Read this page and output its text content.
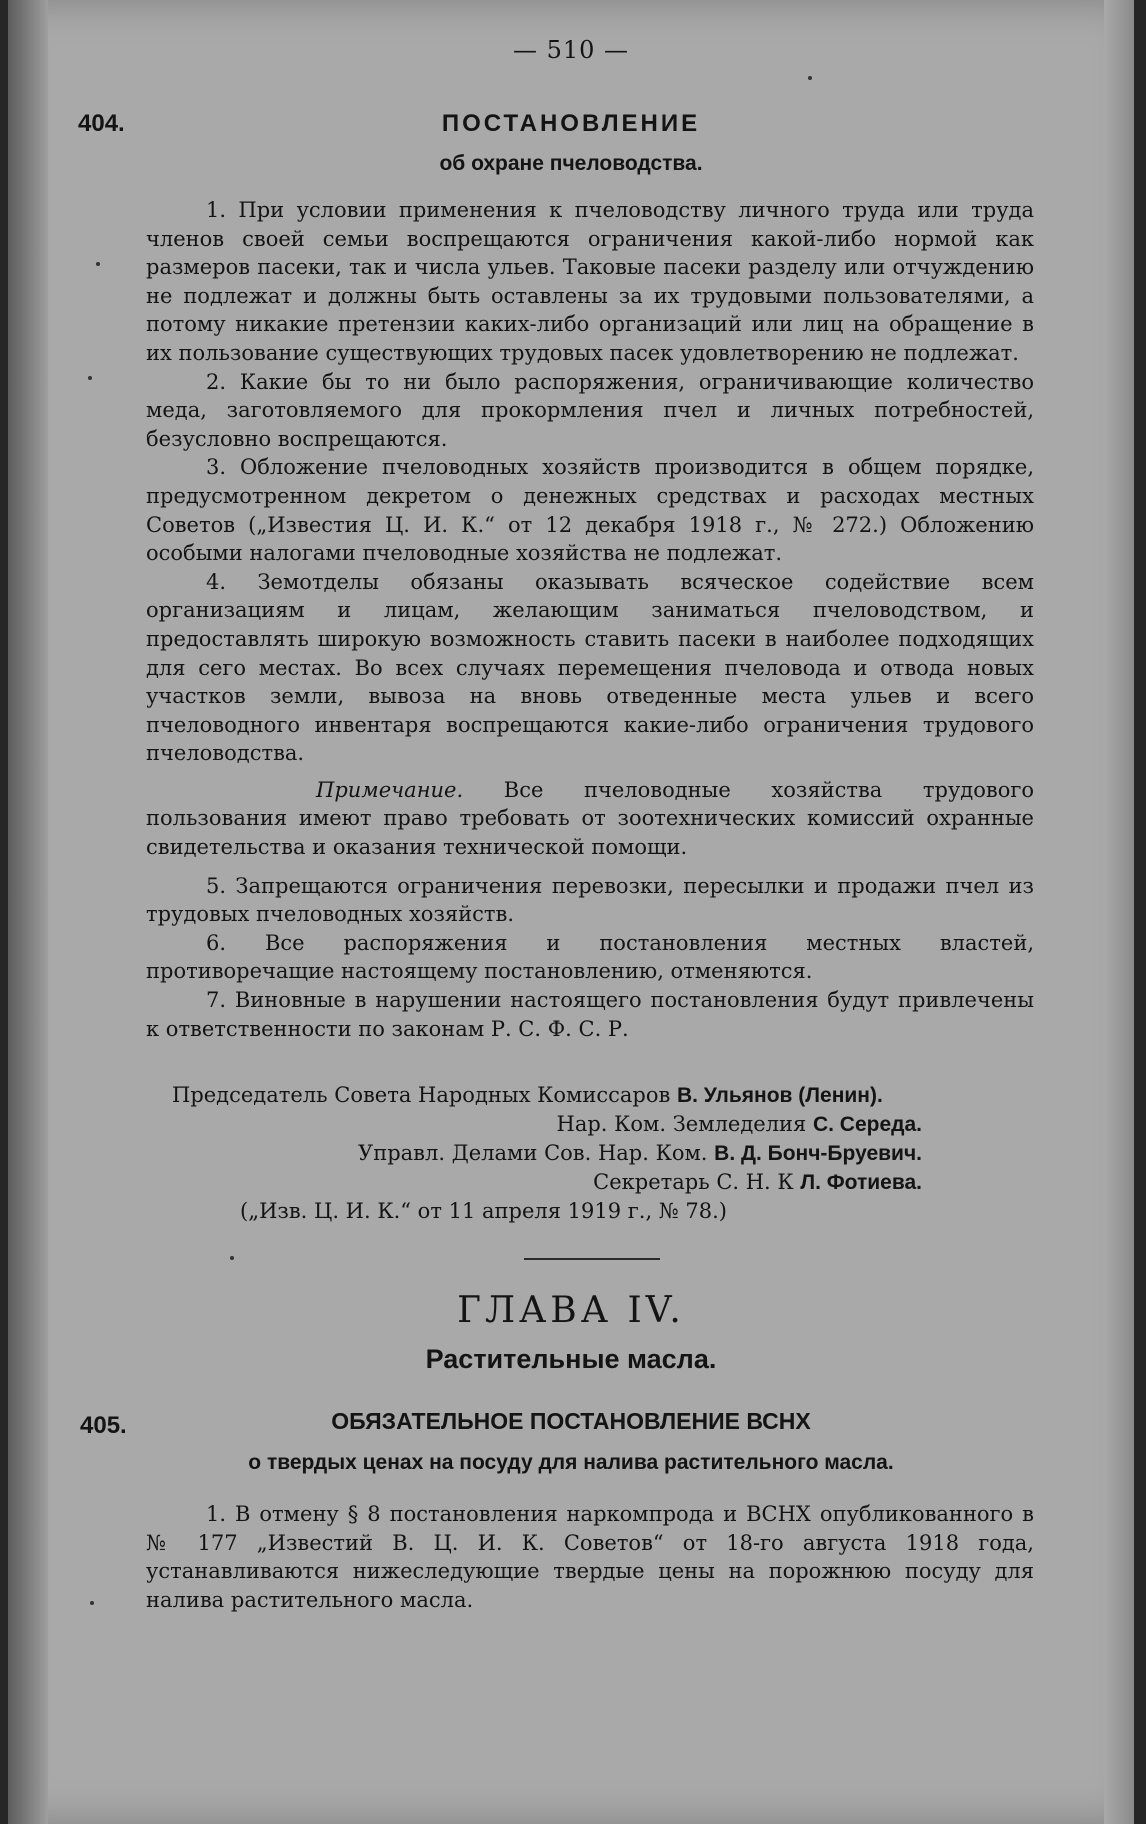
— 510 —
404.	ПОСТАНОВЛЕНИЕ
об охране пчеловодства.

1. При условии применения к пчеловодству личного труда или труда членов своей семьи воспрещаются ограничения какой-либо нормой как размеров пасеки, так и числа ульев. Таковые пасеки разделу или отчуждению не подлежат и должны быть оставлены за их трудовыми пользователями, а потому никакие претензии каких-либо организаций или лиц на обращение в их пользование существующих трудовых пасек удовлетворению не подлежат.

2. Какие бы то ни было распоряжения, ограничивающие количество меда, заготовляемого для прокормления пчел и личных потребностей, безусловно воспрещаются.

3. Обложение пчеловодных хозяйств производится в общем порядке, предусмотренном декретом о денежных средствах и расходах местных Советов („Известия Ц. И. К.“ от 12 декабря 1918 г., № 272.) Обложению особыми налогами пчеловодные хозяйства не подлежат.

4. Земотделы обязаны оказывать всяческое содействие всем организациям и лицам, желающим заниматься пчеловодством, и предоставлять широкую возможность ставить пасеки в наиболее подходящих для сего местах. Во всех случаях перемещения пчеловода и отвода новых участков земли, вывоза на вновь отведенные места ульев и всего пчеловодного инвентаря воспрещаются какие-либо ограничения трудового пчеловодства.

Примечание. Все пчеловодные хозяйства трудового пользования имеют право требовать от зоотехнических комиссий охранные свидетельства и оказания технической помощи.

5. Запрещаются ограничения перевозки, пересылки и продажи пчел из трудовых пчеловодных хозяйств.

6. Все распоряжения и постановления местных властей, противоречащие настоящему постановлению, отменяются.

7. Виновные в нарушении настоящего постановления будут привлечены к ответственности по законам Р. С. Ф. С. Р.

Председатель Совета Народных Комиссаров В. Ульянов (Ленин).
Нар. Ком. Земледелия С. Середа.
Управл. Делами Сов. Нар. Ком. В. Д. Бонч-Бруевич.
Секретарь С. Н. К Л. Фотиева.
(„Изв. Ц. И. К.“ от 11 апреля 1919 г., № 78.)
ГЛАВА IV.
Растительные масла.
405.	ОБЯЗАТЕЛЬНОЕ ПОСТАНОВЛЕНИЕ ВСНХ
о твердых ценах на посуду для налива растительного масла.

1. В отмену § 8 постановления наркомпрода и ВСНХ опубликованного в № 177 „Известий В. Ц. И. К. Советов“ от 18-го августа 1918 года, устанавливаются нижеследующие твердые цены на порожнюю посуду для налива растительного масла.
